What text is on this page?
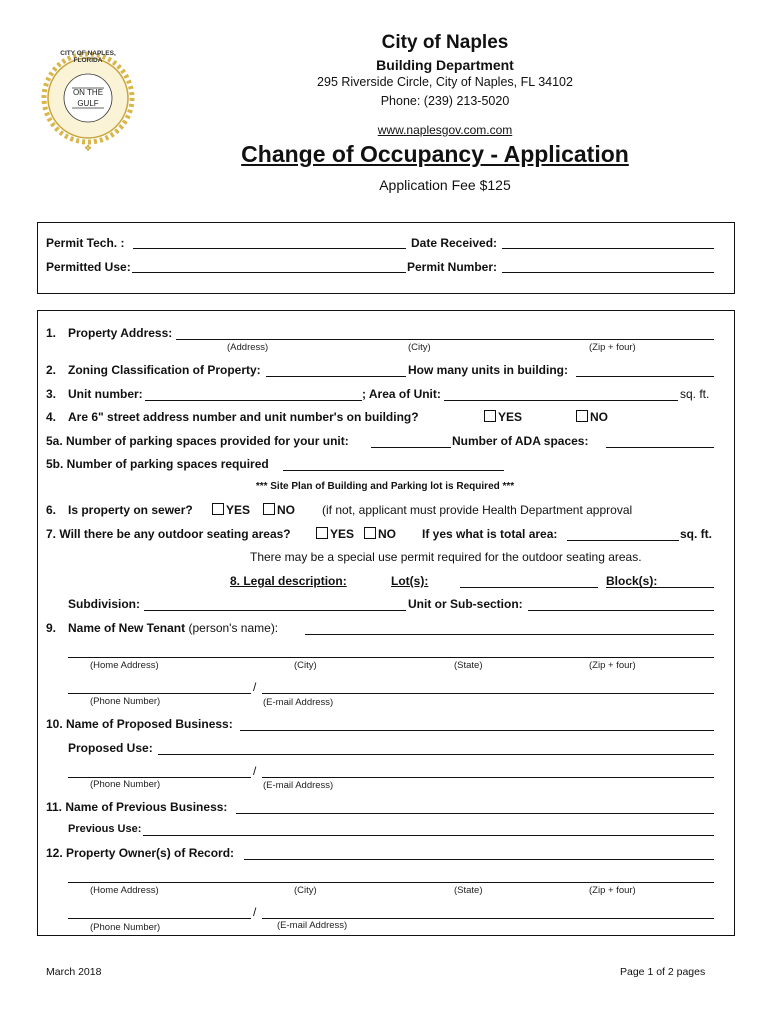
❖
CITY OF NAPLES, FLORIDA
ON THE
GULF
City of Naples
Building Department
295 Riverside Circle, City of Naples, FL 34102
Phone: (239) 213-5020
www.naplesgov.com.com
Change of Occupancy - Application
Application Fee $125
Permit Tech. :	Date Received:
Permitted Use:	Permit Number:
1. Property Address:
(Address)	(City)	(Zip + four)
2. Zoning Classification of Property:	How many units in building:
3. Unit number:	; Area of Unit:	sq. ft.
4. Are 6" street address number and unit number's on building?	YES	NO
5a. Number of parking spaces provided for your unit:	Number of ADA spaces:
5b. Number of parking spaces required
*** Site Plan of Building and Parking lot is Required ***
6. Is property on sewer?	YES	NO (if not, applicant must provide Health Department approval
7. Will there be any outdoor seating areas?	YES	NO If yes what is total area:	sq. ft.
There may be a special use permit required for the outdoor seating areas.
8. Legal description:	Lot(s):	Block(s):
Subdivision:	Unit or Sub-section:
9. Name of New Tenant (person's name):
(Home Address)	(City)	(State)	(Zip + four)
/
(Phone Number)	(E-mail Address)
10. Name of Proposed Business:
Proposed Use:
/
(Phone Number)	(E-mail Address)
11. Name of Previous Business:
Previous Use:
12. Property Owner(s) of Record:
(Home Address)	(City)	(State)	(Zip + four)
/
(Phone Number)	(E-mail Address)
March 2018	Page 1 of 2 pages
